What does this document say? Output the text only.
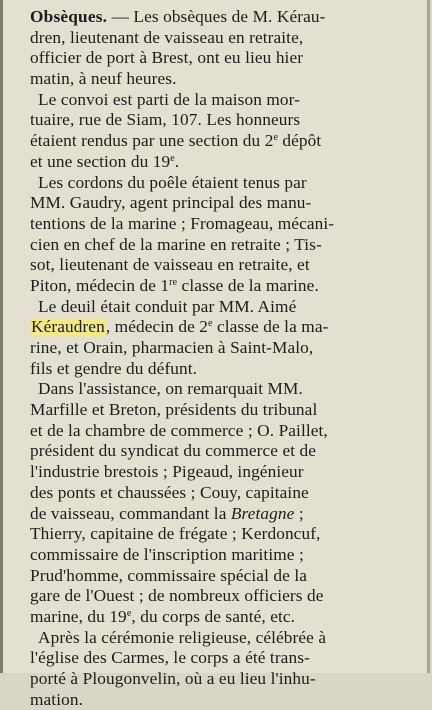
Obsèques. — Les obsèques de M. Kérau-
dren, lieutenant de vaisseau en retraite,
officier de port à Brest, ont eu lieu hier
matin, à neuf heures.
Le convoi est parti de la maison mor-
tuaire, rue de Siam, 107. Les honneurs
étaient rendus par une section du 2e dépôt
et une section du 19e.
Les cordons du poêle étaient tenus par
MM. Gaudry, agent principal des manu-
tentions de la marine ; Fromageau, mécani-
cien en chef de la marine en retraite ; Tis-
sot, lieutenant de vaisseau en retraite, et
Piton, médecin de 1re classe de la marine.
Le deuil était conduit par MM. Aimé
Kéraudren, médecin de 2e classe de la ma-
rine, et Orain, pharmacien à Saint-Malo,
fils et gendre du défunt.
Dans l'assistance, on remarquait MM.
Marfille et Breton, présidents du tribunal
et de la chambre de commerce ; O. Paillet,
président du syndicat du commerce et de
l'industrie brestois ; Pigeaud, ingénieur
des ponts et chaussées ; Couy, capitaine
de vaisseau, commandant la Bretagne ;
Thierry, capitaine de frégate ; Kerdoncuf,
commissaire de l'inscription maritime ;
Prud'homme, commissaire spécial de la
gare de l'Ouest ; de nombreux officiers de
marine, du 19e, du corps de santé, etc.
Après la cérémonie religieuse, célébrée à
l'église des Carmes, le corps a été trans-
porté à Plougonvelin, où a eu lieu l'inhu-
mation.
